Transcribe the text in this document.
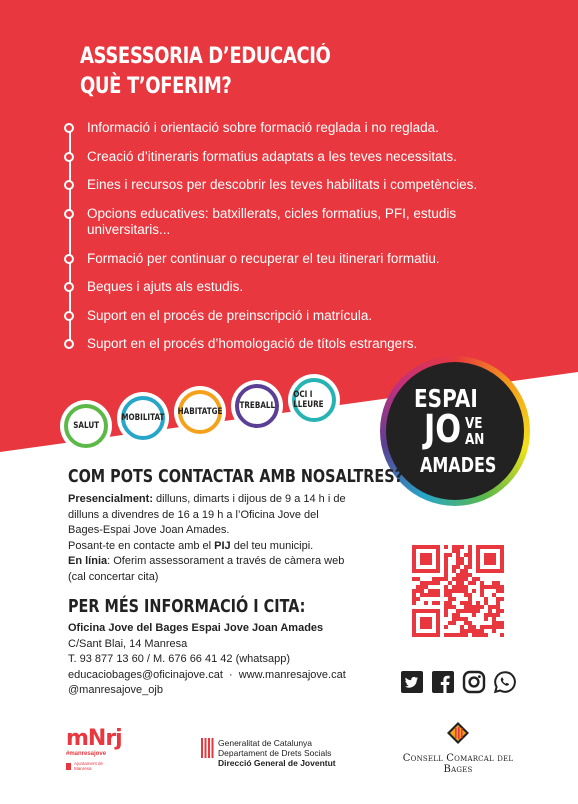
ASSESSORIA D’EDUCACIÓ
QUÈ T’OFERIM?
Informació i orientació sobre formació reglada i no reglada.
Creació d’itineraris formatius adaptats a les teves necessitats.
Eines i recursos per descobrir les teves habilitats i competències.
Opcions educatives: batxillerats, cicles formatius, PFI, estudis universitaris...
Formació per continuar o recuperar el teu itinerari formatiu.
Beques i ajuts als estudis.
Suport en el procés de preinscripció i matrícula.
Suport en el procés d’homologació de títols estrangers.
SALUT
MOBILITAT
HABITATGE
TREBALL
OCI I LLEURE	ESPAI
JO VE
AN
AMADES
COM POTS CONTACTAR AMB NOSALTRES?
Presencialment: dilluns, dimarts i dijous de 9 a 14 h i de
dilluns a divendres de 16 a 19 h a l’Oficina Jove del
Bages-Espai Jove Joan Amades.
Posant-te en contacte amb el PIJ del teu municipi.
En línia: Oferim assessorament a través de càmera web
(cal concertar cita)
PER MÉS INFORMACIÓ I CITA:
Oficina Jove del Bages Espai Jove Joan Amades
C/Sant Blai, 14 Manresa
T. 93 877 13 60 / M. 676 66 41 42 (whatsapp)
educaciobages@oficinajove.cat  ·  www.manresajove.cat
@manresajove_ojb
mNrj
#manresajove
Ajuntament de Manresa
Generalitat de Catalunya
Departament de Drets Socials
Direcció General de Joventut	Consell Comarcal del Bages
